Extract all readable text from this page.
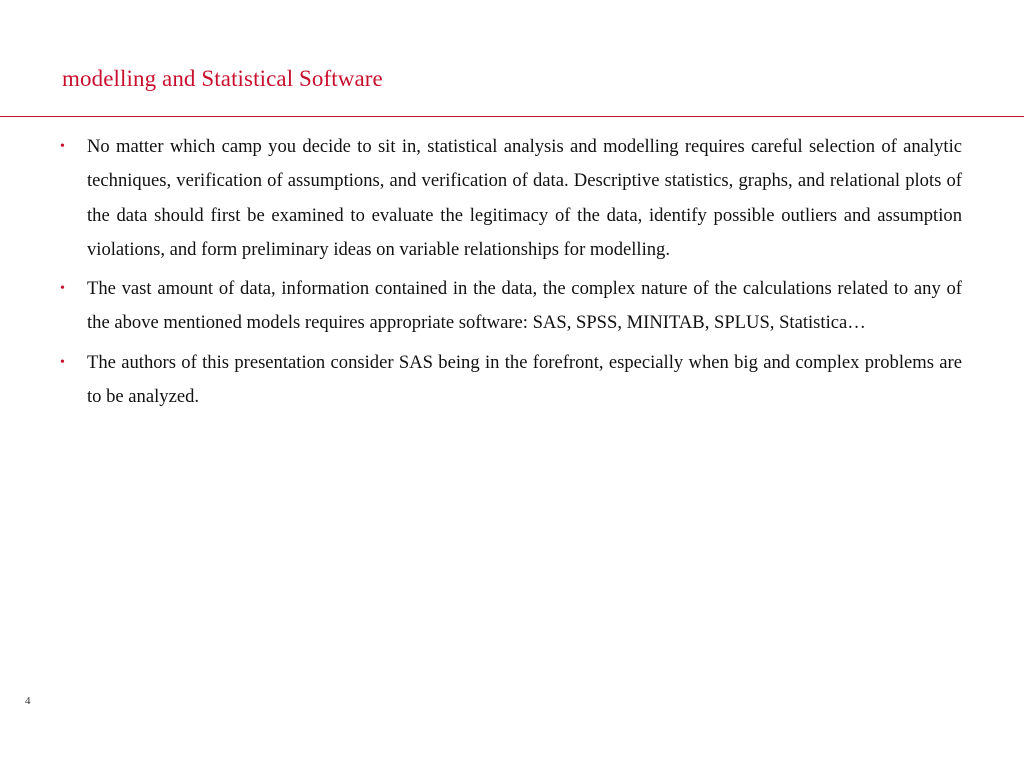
modelling and Statistical Software
• No matter which camp you decide to sit in, statistical analysis and modelling requires careful selection of analytic techniques, verification of assumptions, and verification of data. Descriptive statistics, graphs, and relational plots of the data should first be examined to evaluate the legitimacy of the data, identify possible outliers and assumption violations, and form preliminary ideas on variable relationships for modelling.
• The vast amount of data, information contained in the data, the complex nature of the calculations related to any of the above mentioned models requires appropriate software: SAS, SPSS, MINITAB, SPLUS, Statistica…
• The authors of this presentation consider SAS being in the forefront, especially when big and complex problems are to be analyzed.
4
